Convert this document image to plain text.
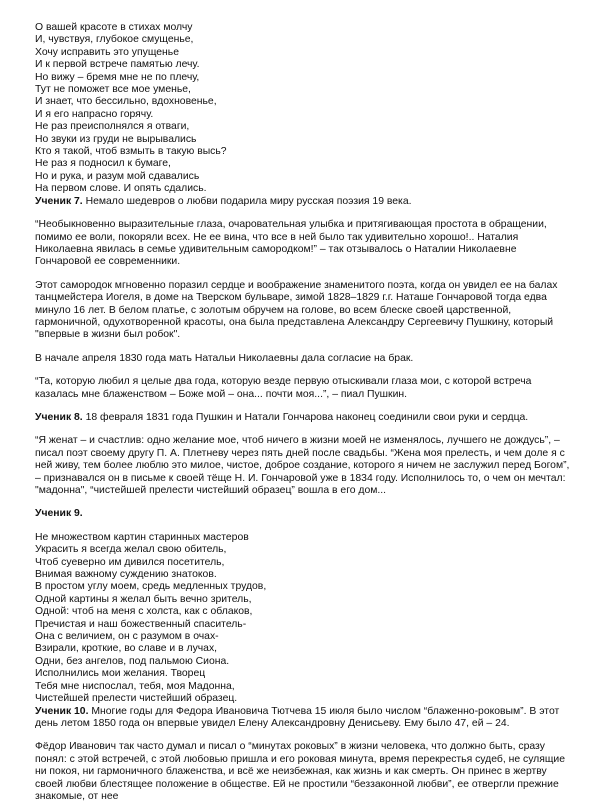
О вашей красоте в стихах молчу
И, чувствуя, глубокое смущенье,
Хочу исправить это упущенье
И к первой встрече памятью лечу.
Но вижу – бремя мне не по плечу,
Тут не поможет все мое уменье,
И знает, что бессильно, вдохновенье,
И я его напрасно горячу.
Не раз преисполнялся я отваги,
Но звуки из груди не вырывались
Кто я такой, чтоб взмыть в такую высь?
Не раз я подносил к бумаге,
Но и рука, и разум мой сдавались
На первом слове. И опять сдались.

Ученик 7. Немало шедевров о любви подарила миру русская поэзия 19 века.

“Необыкновенно выразительные глаза, очаровательная улыбка и притягивающая простота в обращении, помимо ее воли, покоряли всех. Не ее вина, что все в ней было так удивительно хорошо!.. Наталия Николаевна явилась в семье удивительным самородком!” – так отзывалось о Наталии Николаевне Гончаровой ее современники.

Этот самородок мгновенно поразил сердце и воображение знаменитого поэта, когда он увидел ее на балах танцмейстера Иогеля, в доме на Тверском бульваре, зимой 1828–1829 г.г. Наташе Гончаровой тогда едва минуло 16 лет. В белом платье, с золотым обручем на голове, во всем блеске своей царственной, гармоничной, одухотворенной красоты, она была представлена Александру Сергеевичу Пушкину, который "впервые в жизни был робок".

В начале апреля 1830 года мать Натальи Николаевны дала согласие на брак.

“Та, которую любил я целые два года, которую везде первую отыскивали глаза мои, с которой встреча казалась мне блаженством – Боже мой – она... почти моя...”, – пиал Пушкин.

Ученик 8. 18 февраля 1831 года Пушкин и Натали Гончарова наконец соединили свои руки и сердца.

“Я женат – и счастлив: одно желание мое, чтоб ничего в жизни моей не изменялось, лучшего не дождусь”, – писал поэт своему другу П. А. Плетневу через пять дней после свадьбы. “Жена моя прелесть, и чем доле я с ней живу, тем более люблю это милое, чистое, доброе создание, которого я ничем не заслужил перед Богом”, – признавался он в письме к своей тёще Н. И. Гончаровой уже в 1834 году. Исполнилось то, о чем он мечтал: "мадонна", “чистейшей прелести чистейший образец” вошла в его дом...

Ученик 9.

Не множеством картин старинных мастеров
Украсить я всегда желал свою обитель,
Чтоб суеверно им дивился посетитель,
Внимая важному суждению знатоков.
В простом углу моем, средь медленных трудов,
Одной картины я желал быть вечно зритель,
Одной: чтоб на меня с холста, как с облаков,
Пречистая и наш божественный спаситель-
Она с величием, он с разумом в очах-
Взирали, кроткие, во славе и в лучах,
Одни, без ангелов, под пальмою Сиона.
Исполнились мои желания. Творец
Тебя мне ниспослал, тебя, моя Мадонна,
Чистейшей прелести чистейший образец.

Ученик 10. Многие годы для Федора Ивановича Тютчева 15 июля было числом “блаженно-роковым”. В этот день летом 1850 года он впервые увидел Елену Александровну Денисьеву. Ему было 47, ей – 24.

Фёдор Иванович так часто думал и писал о “минутах роковых” в жизни человека, что должно быть, сразу понял: с этой встречей, с этой любовью пришла и его роковая минута, время перекрестья судеб, не сулящие ни покоя, ни гармоничного блаженства, и всё же неизбежная, как жизнь и как смерть. Он принес в жертву своей любви блестящее положение в обществе. Ей не простили “беззаконной любви”, ее отвергли прежние знакомые, от нее
